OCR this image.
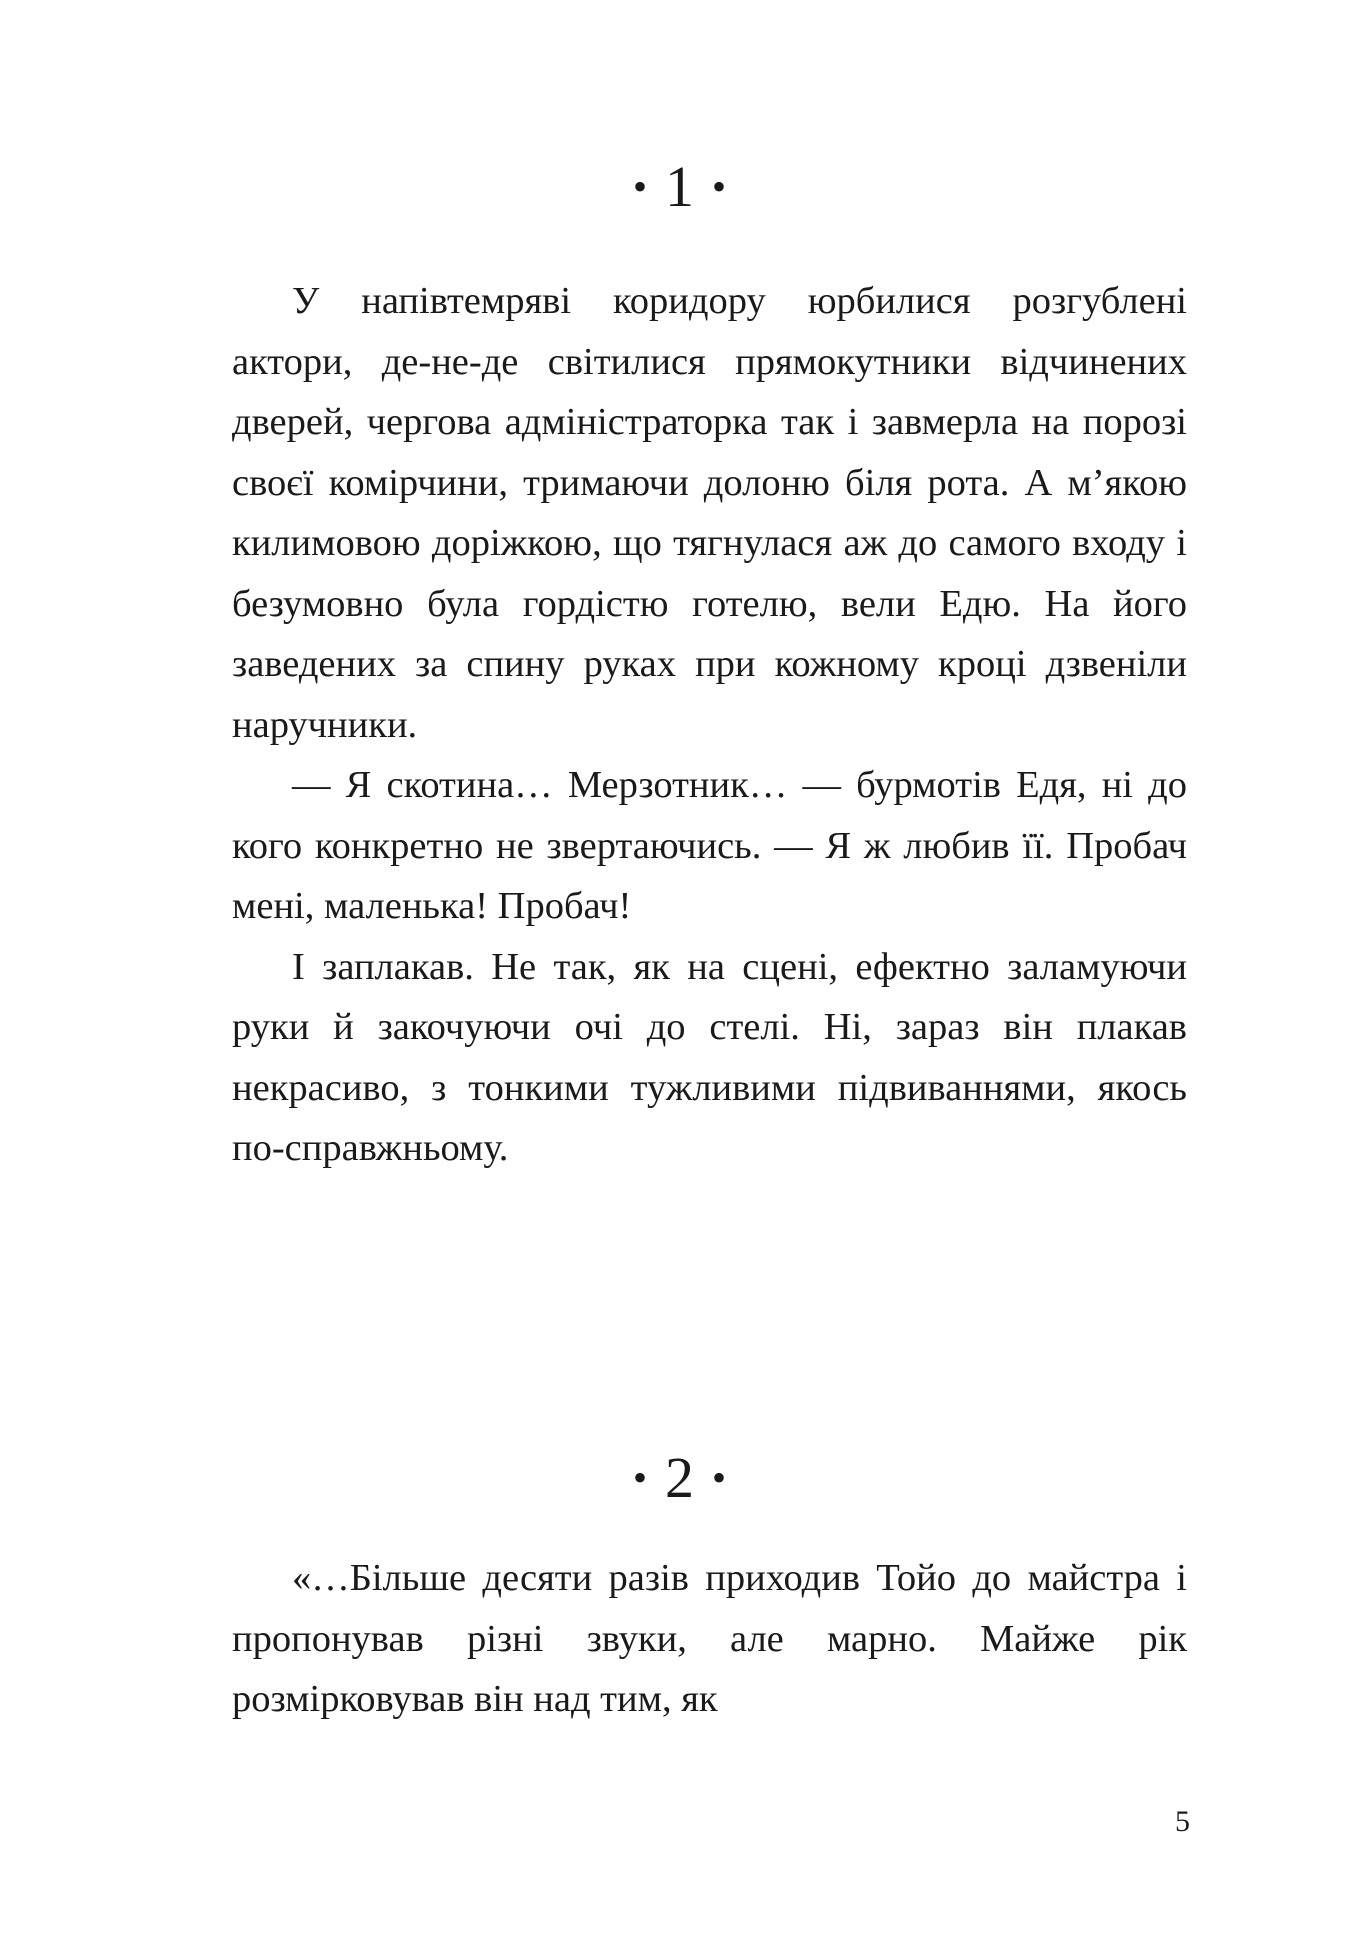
• 1 •

У напівтемряві коридору юрбилися розгублені актори, де-не-де світилися прямокутники відчинених дверей, чергова адміністраторка так і завмерла на порозі своєї комірчини, тримаючи долоню біля рота. А м’якою килимовою доріжкою, що тягнулася аж до самого входу і безумовно була гордістю готелю, вели Едю. На його заведених за спину руках при кожному кроці дзвеніли наручники.

— Я скотина… Мерзотник… — бурмотів Едя, ні до кого конкретно не звертаючись. — Я ж любив її. Пробач мені, маленька! Пробач!

І заплакав. Не так, як на сцені, ефектно заламуючи руки й закочуючи очі до стелі. Ні, зараз він плакав некрасиво, з тонкими тужливими підвиваннями, якось по-справжньому.

• 2 •

«…Більше десяти разів приходив Тойо до майстра і пропонував різні звуки, але марно. Майже рік розмірковував він над тим, як

5
